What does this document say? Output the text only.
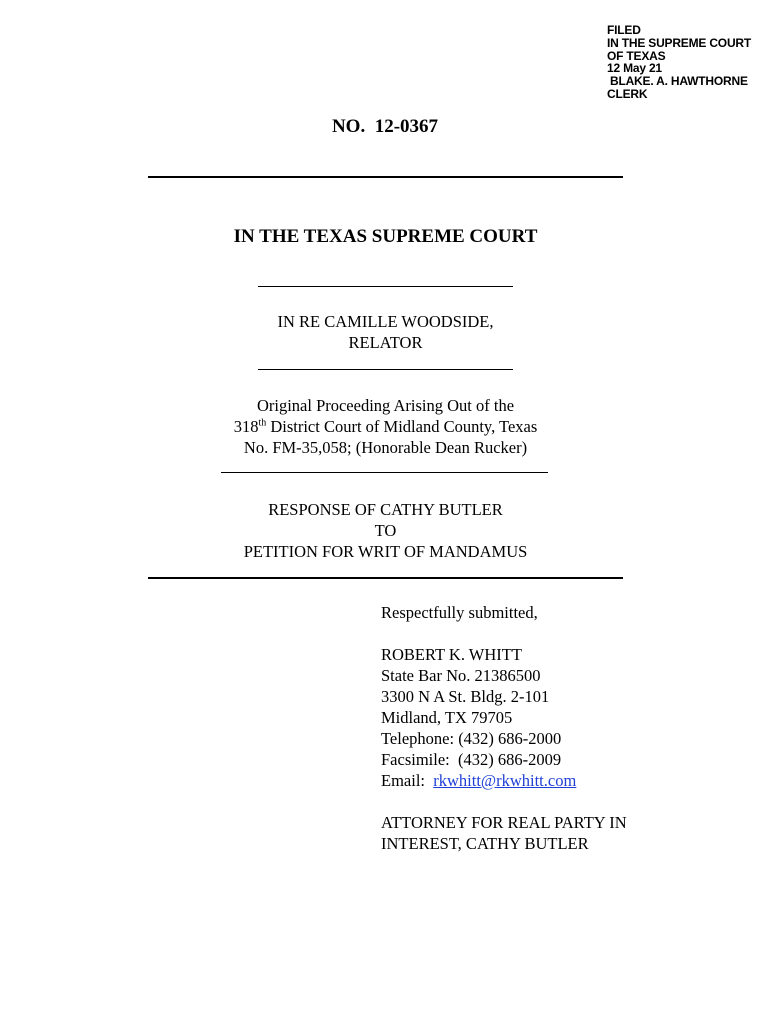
FILED
IN THE SUPREME COURT
OF TEXAS
12 May 21
BLAKE. A. HAWTHORNE
CLERK
NO.  12-0367
IN THE TEXAS SUPREME COURT
IN RE CAMILLE WOODSIDE,
RELATOR
Original Proceeding Arising Out of the
318th District Court of Midland County, Texas
No. FM-35,058; (Honorable Dean Rucker)
RESPONSE OF CATHY BUTLER
TO
PETITION FOR WRIT OF MANDAMUS
Respectfully submitted,
ROBERT K. WHITT
State Bar No. 21386500
3300 N A St. Bldg. 2-101
Midland, TX 79705
Telephone: (432) 686-2000
Facsimile:  (432) 686-2009
Email:  rkwhitt@rkwhitt.com
ATTORNEY FOR REAL PARTY IN
INTEREST, CATHY BUTLER
